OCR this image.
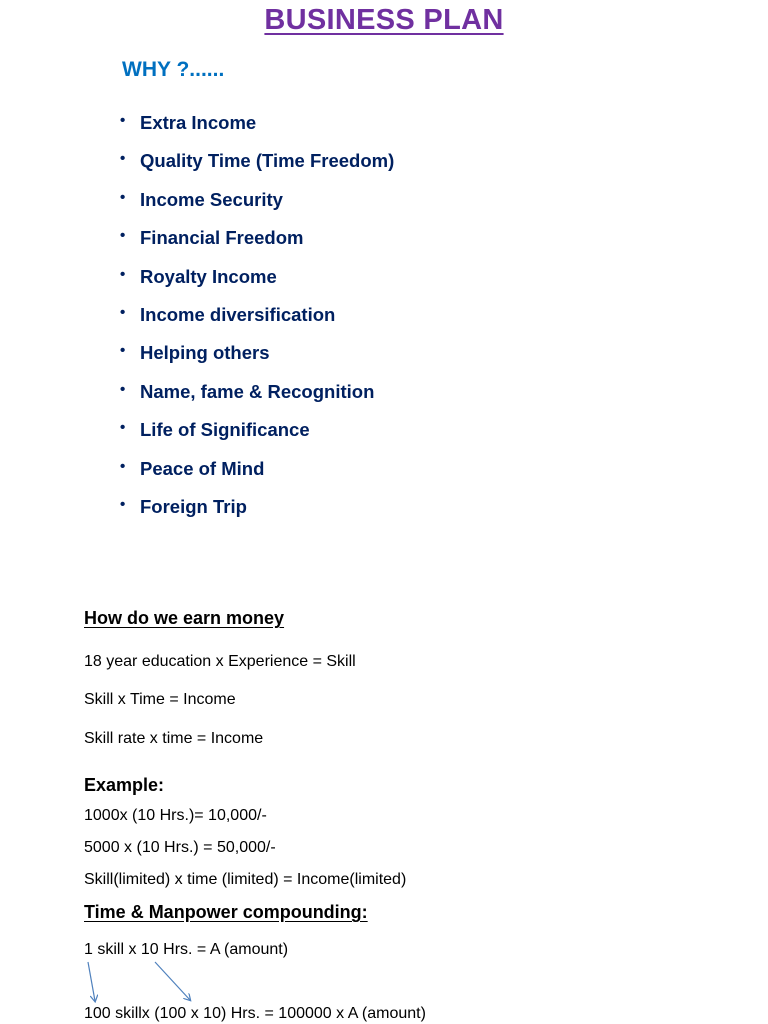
BUSINESS PLAN
WHY ?......
• Extra Income
• Quality Time (Time Freedom)
• Income Security
• Financial Freedom
• Royalty Income
• Income diversification
• Helping others
• Name, fame & Recognition
• Life of Significance
• Peace of Mind
• Foreign Trip
How do we earn money
18 year education x Experience = Skill
Skill x Time = Income
Skill rate x time = Income
Example:
1000x (10 Hrs.)= 10,000/-
5000 x (10 Hrs.) = 50,000/-
Skill(limited) x time (limited) = Income(limited)
Time & Manpower compounding:
1 skill x 10 Hrs. = A (amount)
100 skillx (100 x 10) Hrs. = 100000 x A (amount)
